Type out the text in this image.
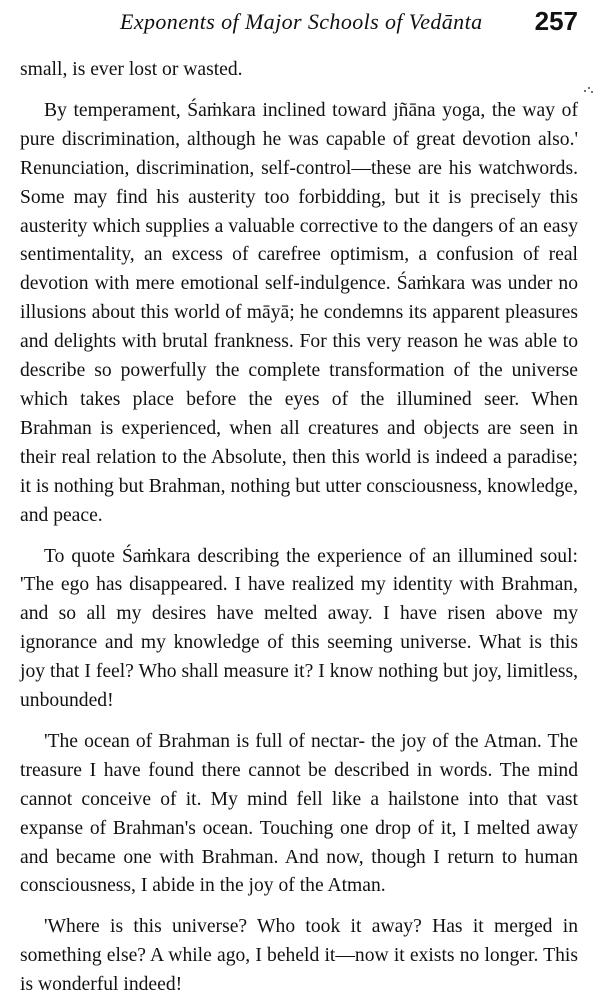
Exponents of Major Schools of Vedānta 257

small, is ever lost or wasted.

By temperament, Śaṁkara inclined toward jñāna yoga, the way of pure discrimination, although he was capable of great devotion also.' Renunciation, discrimination, self-control—these are his watchwords. Some may find his austerity too forbidding, but it is precisely this austerity which supplies a valuable corrective to the dangers of an easy sentimentality, an excess of carefree optimism, a confusion of real devotion with mere emotional self-indulgence. Śaṁkara was under no illusions about this world of māyā; he condemns its apparent pleasures and delights with brutal frankness. For this very reason he was able to describe so powerfully the complete transformation of the universe which takes place before the eyes of the illumined seer. When Brahman is experienced, when all creatures and objects are seen in their real relation to the Absolute, then this world is indeed a paradise; it is nothing but Brahman, nothing but utter consciousness, knowledge, and peace.

To quote Śaṁkara describing the experience of an illumined soul: 'The ego has disappeared. I have realized my identity with Brahman, and so all my desires have melted away. I have risen above my ignorance and my knowledge of this seeming universe. What is this joy that I feel? Who shall measure it? I know nothing but joy, limitless, unbounded!

'The ocean of Brahman is full of nectar- the joy of the Atman. The treasure I have found there cannot be described in words. The mind cannot conceive of it. My mind fell like a hailstone into that vast expanse of Brahman's ocean. Touching one drop of it, I melted away and became one with Brahman. And now, though I return to human consciousness, I abide in the joy of the Atman.

'Where is this universe? Who took it away? Has it merged in something else? A while ago, I beheld it—now it exists no longer. This is wonderful indeed!
